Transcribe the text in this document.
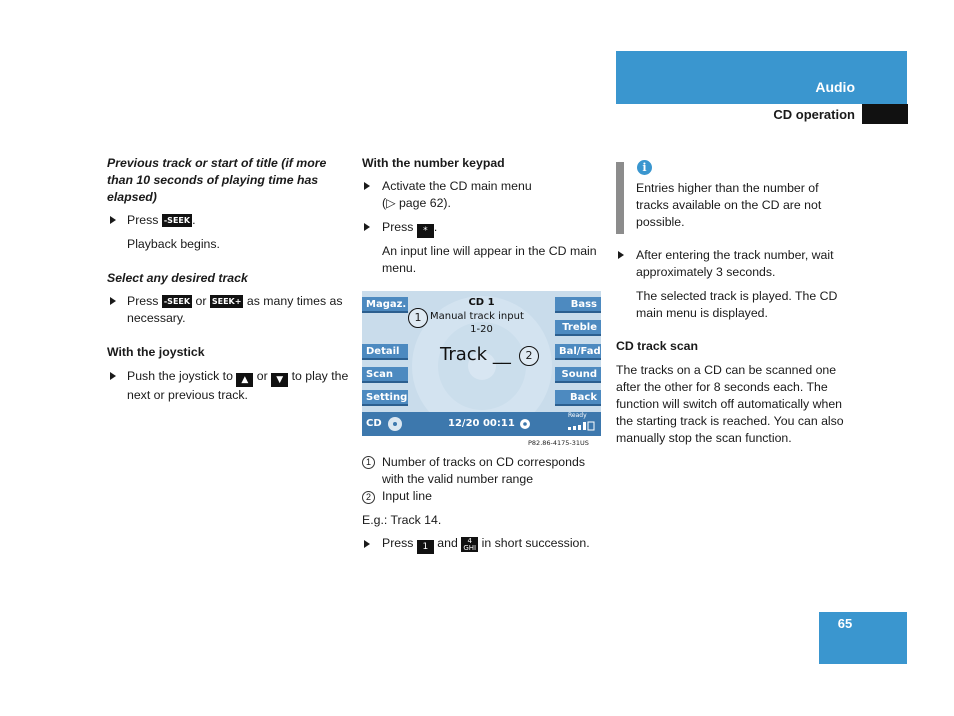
Audio
CD operation
Previous track or start of title (if more than 10 seconds of playing time has elapsed)
Press -SEEK .
Playback begins.
Select any desired track
Press -SEEK or SEEK+ as many times as necessary.
With the joystick
Push the joystick to ▲ or ▼ to play the next or previous track.
With the number keypad
Activate the CD main menu
(▷ page 62).
Press * .
An input line will appear in the CD main menu.
Magaz.
Detail
Scan
Setting
Bass
Treble
Bal/Fad
Sound
Back
CD 1
Manual track input
1-20
Track __
1
2
CD	12/20 00:11
Ready
P82.86-4175-31US
1 Number of tracks on CD corresponds with the valid number range
2 Input line
E.g.: Track 14.
Press 1 and 4
GHI in short succession.
i
Entries higher than the number of tracks available on the CD are not possible.
After entering the track number, wait approximately 3 seconds.
The selected track is played. The CD main menu is displayed.
CD track scan
The tracks on a CD can be scanned one after the other for 8 seconds each. The function will switch off automatically when the starting track is reached. You can also manually stop the scan function.
65
